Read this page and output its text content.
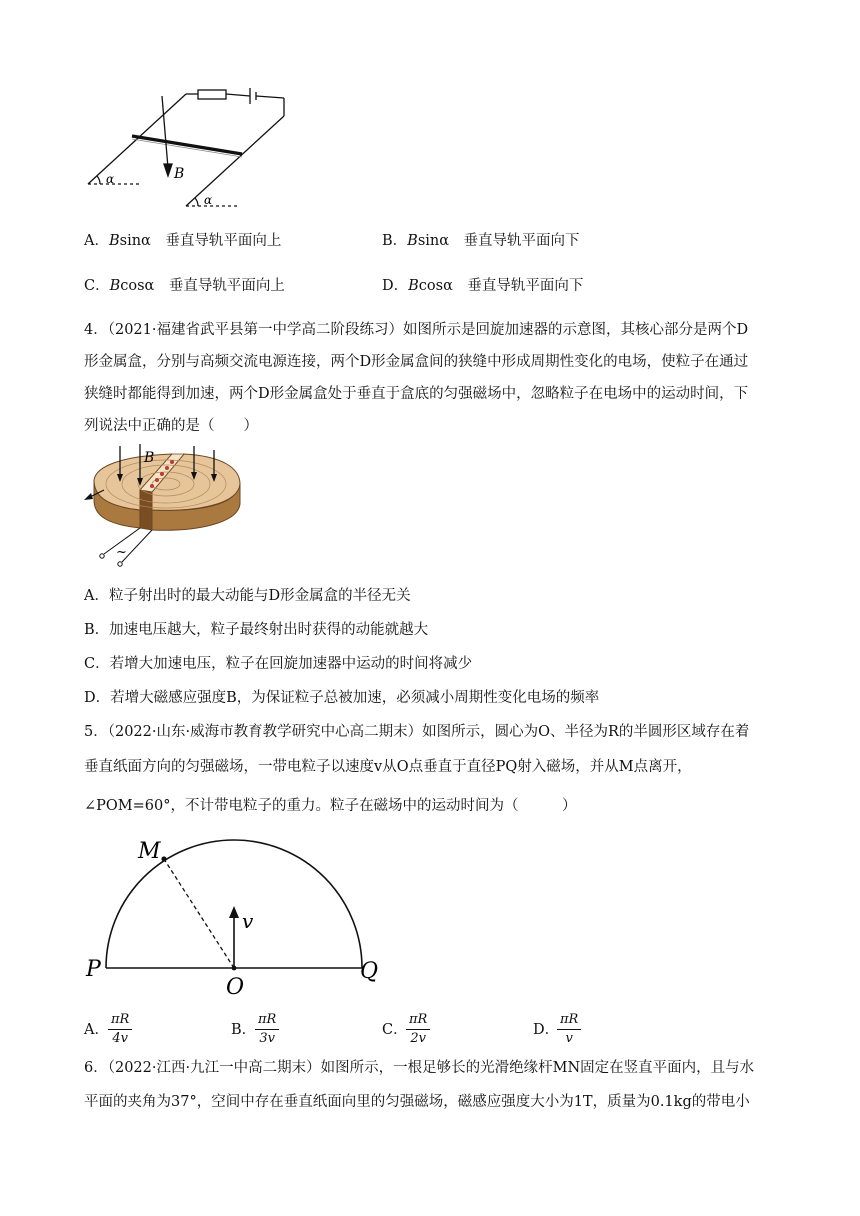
B
α
α
A．Bsinα　垂直导轨平面向上	B．Bsinα　垂直导轨平面向下
C．Bcosα　垂直导轨平面向上	D．Bcosα　垂直导轨平面向下
4．（2021·福建省武平县第一中学高二阶段练习）如图所示是回旋加速器的示意图，其核心部分是两个D
形金属盒，分别与高频交流电源连接，两个D形金属盒间的狭缝中形成周期性变化的电场，使粒子在通过
狭缝时都能得到加速，两个D形金属盒处于垂直于盒底的匀强磁场中，忽略粒子在电场中的运动时间，下
列说法中正确的是（　　）
B
~
A．粒子射出时的最大动能与D形金属盒的半径无关
B．加速电压越大，粒子最终射出时获得的动能就越大
C．若增大加速电压，粒子在回旋加速器中运动的时间将减少
D．若增大磁感应强度B，为保证粒子总被加速，必须减小周期性变化电场的频率
5．（2022·山东·威海市教育教学研究中心高二期末）如图所示，圆心为O、半径为R的半圆形区域存在着
垂直纸面方向的匀强磁场，一带电粒子以速度v从O点垂直于直径PQ射入磁场，并从M点离开，
∠POM=60°，不计带电粒子的重力。粒子在磁场中的运动时间为（　　　）
M
P
O
Q
v
A． $\frac{\pi R}{4v}$	B．
$\frac{\pi R}{3v}$	C．
$\frac{\pi R}{2v}$	D．
$\frac{\pi R}{v}$
6．（2022·江西·九江一中高二期末）如图所示，一根足够长的光滑绝缘杆MN固定在竖直平面内，且与水
平面的夹角为37°，空间中存在垂直纸面向里的匀强磁场，磁感应强度大小为1T，质量为0.1kg的带电小
